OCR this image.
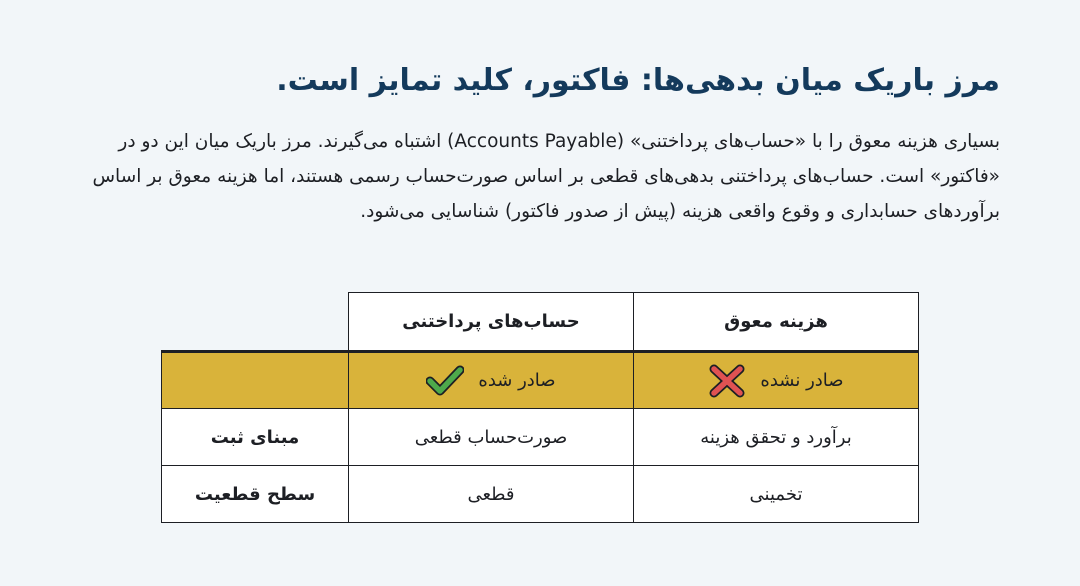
مرز باریک میان بدهی‌ها: فاکتور، کلید تمایز است.

بسیاری هزینه معوق را با «حساب‌های پرداختنی» (Accounts Payable) اشتباه می‌گیرند. مرز باریک میان این دو در «فاکتور» است. حساب‌های پرداختنی بدهی‌های قطعی بر اساس صورت‌حساب رسمی هستند، اما هزینه معوق بر اساس برآوردهای حسابداری و وقوع واقعی هزینه (پیش از صدور فاکتور) شناسایی می‌شود.

هزینه معوق	حساب‌های پرداختنی	

صادر نشده	صادر شده	

برآورد و تحقق هزینه	صورت‌حساب قطعی	مبنای ثبت
تخمینی	قطعی	سطح قطعیت
